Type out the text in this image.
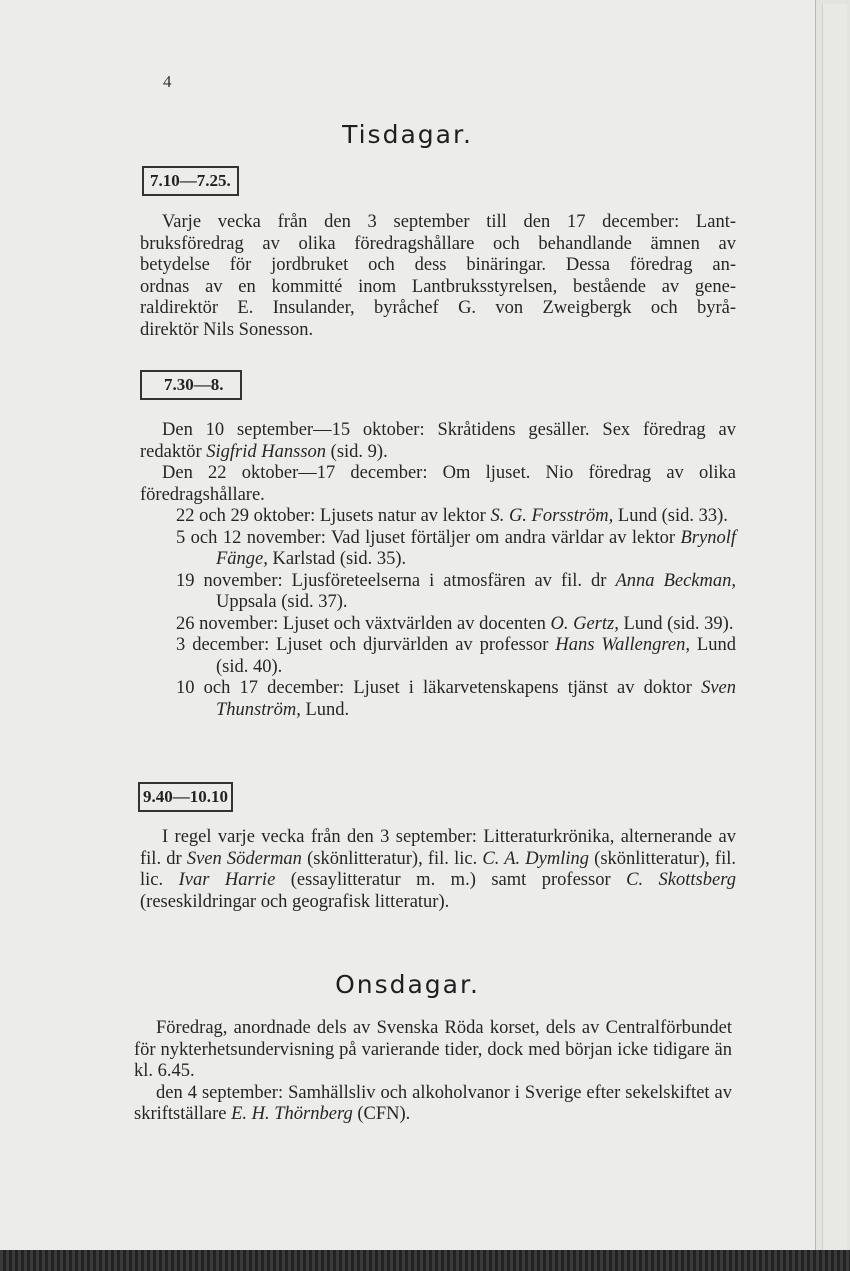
4
Tisdagar.
7.10—7.25.

Varje vecka från den 3 september till den 17 december: Lant-

bruksföredrag av olika föredragshållare och behandlande ämnen av

betydelse för jordbruket och dess binäringar. Dessa föredrag an-

ordnas av en kommitté inom Lantbruksstyrelsen, bestående av gene-

raldirektör E. Insulander, byråchef G. von Zweigbergk och byrå-

direktör Nils Sonesson.

7.30—8.

Den 10 september—15 oktober: Skråtidens gesäller. Sex föredrag av redaktör Sigfrid Hansson (sid. 9).

Den 22 oktober—17 december: Om ljuset. Nio föredrag av olika föredragshållare.

22 och 29 oktober: Ljusets natur av lektor S. G. Forsström, Lund (sid. 33).

5 och 12 november: Vad ljuset förtäljer om andra världar av lektor Brynolf Fänge, Karlstad (sid. 35).

19 november: Ljusföreteelserna i atmosfären av fil. dr Anna Beckman, Uppsala (sid. 37).

26 november: Ljuset och växtvärlden av docenten O. Gertz, Lund (sid. 39).

3 december: Ljuset och djurvärlden av professor Hans Wallengren, Lund (sid. 40).

10 och 17 december: Ljuset i läkarvetenskapens tjänst av doktor Sven Thunström, Lund.

9.40—10.10

I regel varje vecka från den 3 september: Litteraturkrönika, alternerande av fil. dr Sven Söderman (skönlitteratur), fil. lic. C. A. Dymling (skönlitteratur), fil. lic. Ivar Harrie (essaylitteratur m. m.) samt professor C. Skottsberg (reseskildringar och geografisk litteratur).

Onsdagar.

Föredrag, anordnade dels av Svenska Röda korset, dels av Centralförbundet för nykterhetsundervisning på varierande tider, dock med början icke tidigare än kl. 6.45.

den 4 september: Samhällsliv och alkoholvanor i Sverige efter sekelskiftet av skriftställare E. H. Thörnberg (CFN).
